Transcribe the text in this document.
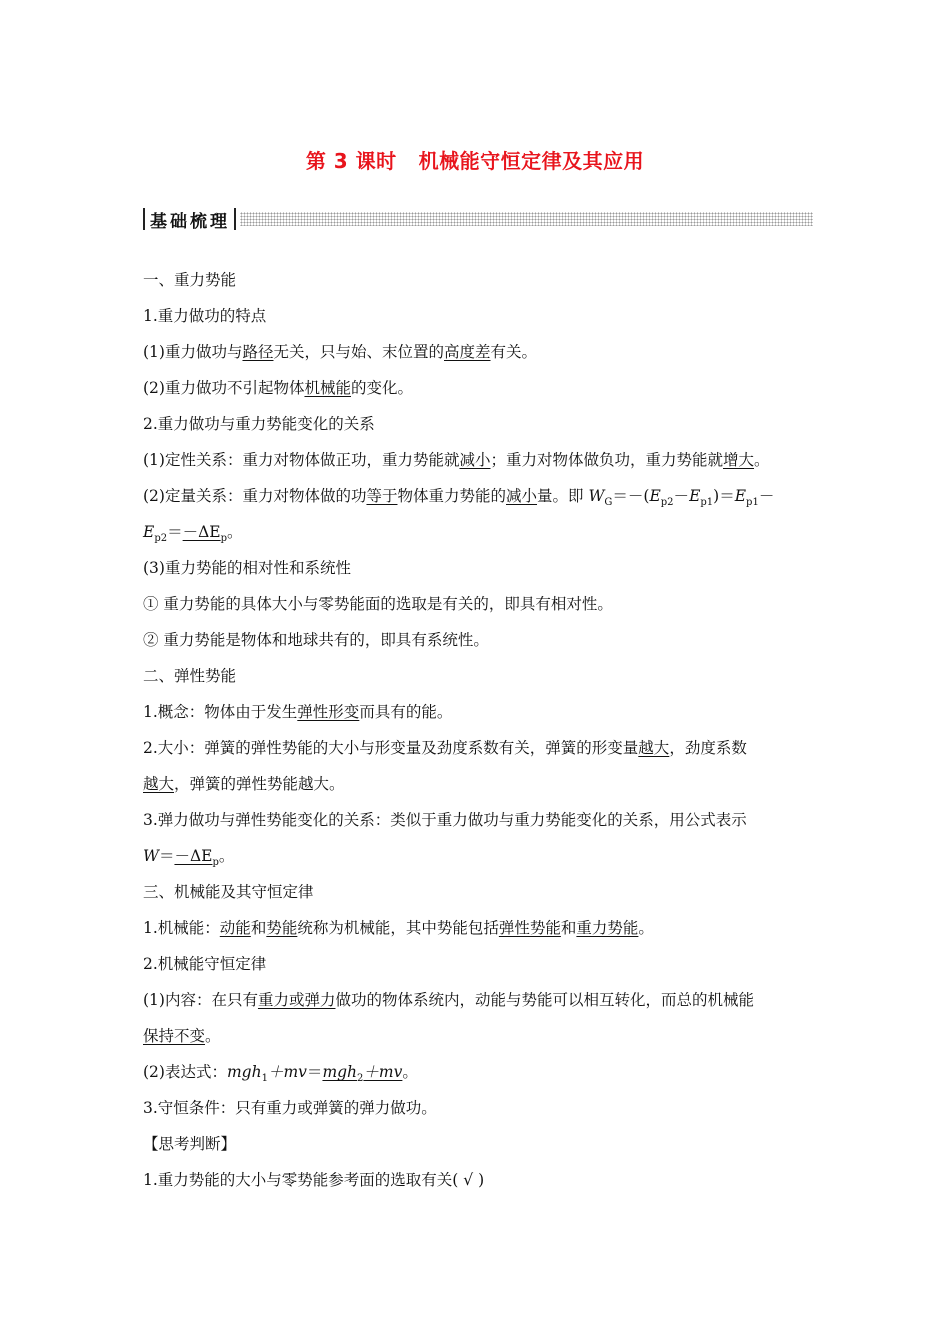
第 3 课时 机械能守恒定律及其应用
基础梳理
一、重力势能
1.重力做功的特点
(1)重力做功与路径无关，只与始、末位置的高度差有关。
(2)重力做功不引起物体机械能的变化。
2.重力做功与重力势能变化的关系
(1)定性关系：重力对物体做正功，重力势能就减小；重力对物体做负功，重力势能就增大。
(2)定量关系：重力对物体做的功等于物体重力势能的减小量。即 $W_G=-(E_{p2}-E_{p1})=E_{p1}-$
$E_{p2}=-\Delta E_p$。
(3)重力势能的相对性和系统性
① 重力势能的具体大小与零势能面的选取是有关的，即具有相对性。
② 重力势能是物体和地球共有的，即具有系统性。
二、弹性势能
1.概念：物体由于发生弹性形变而具有的能。
2.大小：弹簧的弹性势能的大小与形变量及劲度系数有关，弹簧的形变量越大，劲度系数
越大，弹簧的弹性势能越大。
3.弹力做功与弹性势能变化的关系：类似于重力做功与重力势能变化的关系，用公式表示
$W=-\Delta E_p$。
三、机械能及其守恒定律
1.机械能：动能和势能统称为机械能，其中势能包括弹性势能和重力势能。
2.机械能守恒定律
(1)内容：在只有重力或弹力做功的物体系统内，动能与势能可以相互转化，而总的机械能
保持不变。
(2)表达式：mgh$_1$＋mv＝mgh$_2$＋mv。
3.守恒条件：只有重力或弹簧的弹力做功。
【思考判断】
1.重力势能的大小与零势能参考面的选取有关( √ )
